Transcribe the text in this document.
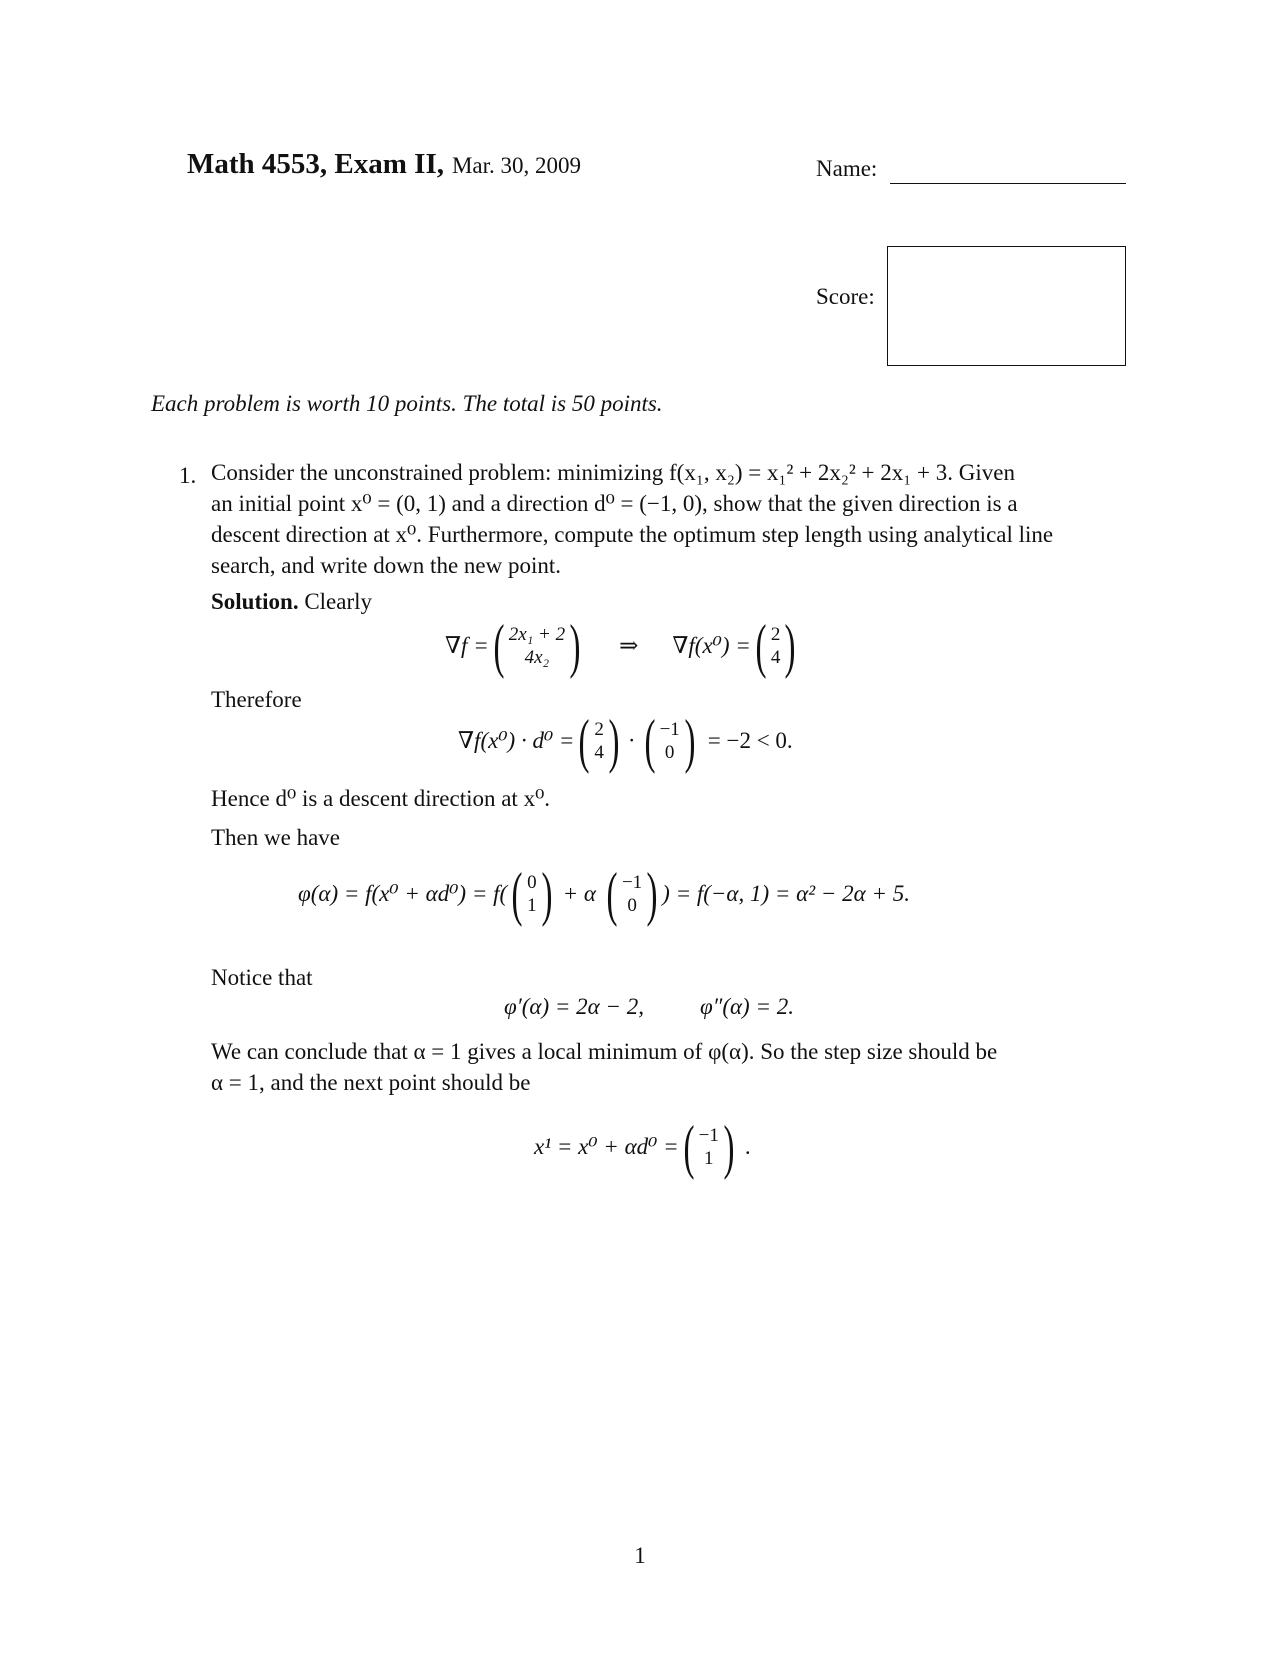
Math 4553, Exam II, Mar. 30, 2009	Name:
Score:
Each problem is worth 10 points. The total is 50 points.
1. Consider the unconstrained problem: minimizing f(x₁, x₂) = x₁² + 2x₂² + 2x₁ + 3. Given
an initial point x⁰ = (0, 1) and a direction d⁰ = (−1, 0), show that the given direction is a
descent direction at x⁰. Furthermore, compute the optimum step length using analytical line
search, and write down the new point.
Solution. Clearly
∇f = ( 2x₁ + 2
4x₂ ) ⇒ ∇f(x⁰) = ( 2
4 )
Therefore
∇f(x⁰) · d⁰ = ( 2
4 ) · ( −1
0 ) = −2 < 0.
Hence d⁰ is a descent direction at x⁰.
Then we have
φ(α) = f(x⁰ + αd⁰) = f( ( 0
1 ) + α ( −1
0 ) ) = f(−α, 1) = α² − 2α + 5.
Notice that
φ′(α) = 2α − 2, φ″(α) = 2.
We can conclude that α = 1 gives a local minimum of φ(α). So the step size should be
α = 1, and the next point should be
x¹ = x⁰ + αd⁰ = ( −1
1 ) .
1
